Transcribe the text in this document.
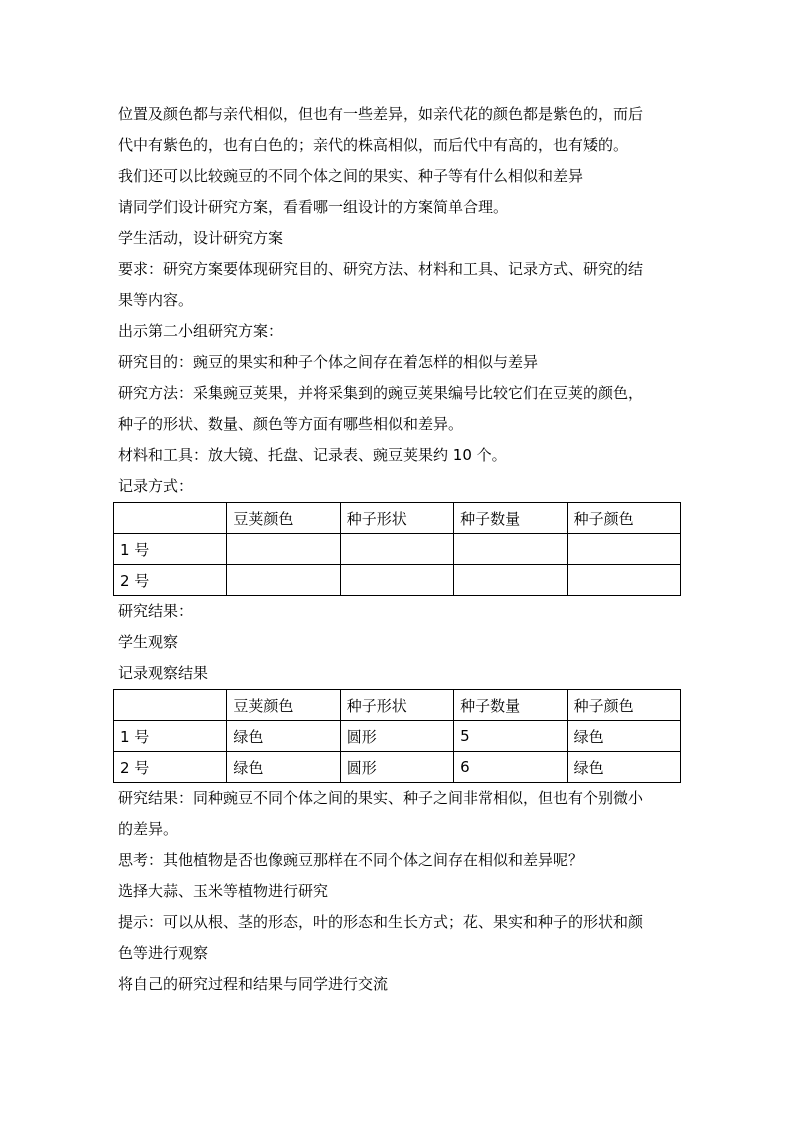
位置及颜色都与亲代相似，但也有一些差异，如亲代花的颜色都是紫色的，而后

代中有紫色的，也有白色的；亲代的株高相似，而后代中有高的，也有矮的。

我们还可以比较豌豆的不同个体之间的果实、种子等有什么相似和差异

请同学们设计研究方案，看看哪一组设计的方案简单合理。

学生活动，设计研究方案

要求：研究方案要体现研究目的、研究方法、材料和工具、记录方式、研究的结

果等内容。

出示第二小组研究方案：

研究目的：豌豆的果实和种子个体之间存在着怎样的相似与差异

研究方法：采集豌豆荚果，并将采集到的豌豆荚果编号比较它们在豆荚的颜色，

种子的形状、数量、颜色等方面有哪些相似和差异。

材料和工具：放大镜、托盘、记录表、豌豆荚果约 10 个。

记录方式：

	豆荚颜色	种子形状	种子数量	种子颜色
1 号				
2 号				

研究结果：

学生观察

记录观察结果

	豆荚颜色	种子形状	种子数量	种子颜色
1 号	绿色	圆形	5	绿色
2 号	绿色	圆形	6	绿色

研究结果：同种豌豆不同个体之间的果实、种子之间非常相似，但也有个别微小

的差异。

思考：其他植物是否也像豌豆那样在不同个体之间存在相似和差异呢？

选择大蒜、玉米等植物进行研究

提示：可以从根、茎的形态，叶的形态和生长方式；花、果实和种子的形状和颜

色等进行观察

将自己的研究过程和结果与同学进行交流
